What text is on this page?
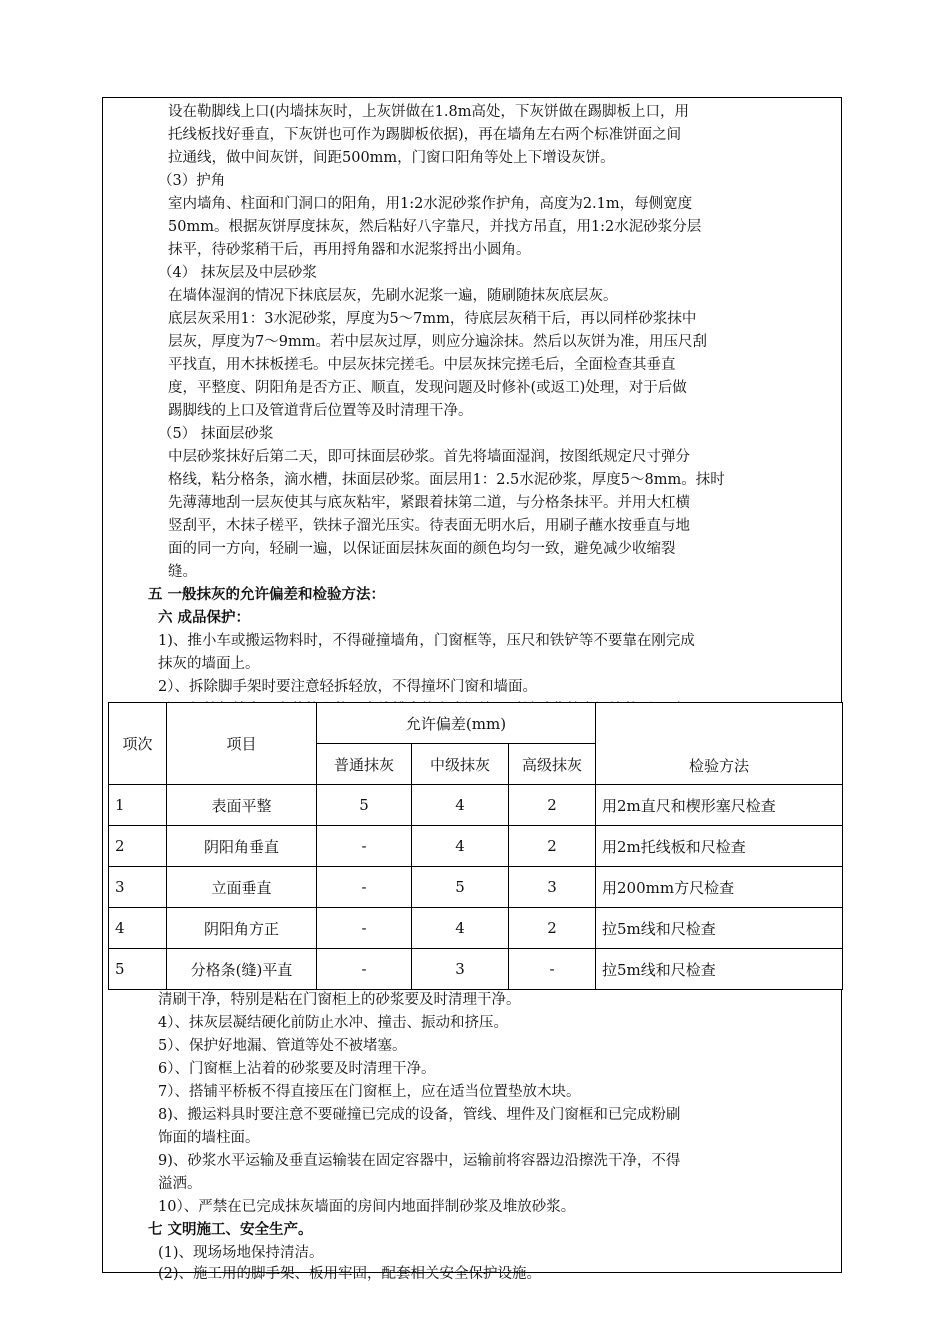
设在勒脚线上口(内墙抹灰时，上灰饼做在1.8m高处，下灰饼做在踢脚板上口，用
托线板找好垂直，下灰饼也可作为踢脚板依据)，再在墙角左右两个标准饼面之间
拉通线，做中间灰饼，间距500mm，门窗口阳角等处上下增设灰饼。
（3）护角
室内墙角、柱面和门洞口的阳角，用1:2水泥砂浆作护角，高度为2.1m，每侧宽度
50mm。根据灰饼厚度抹灰，然后粘好八字靠尺，并找方吊直，用1:2水泥砂浆分层
抹平，待砂浆稍干后，再用捋角器和水泥浆捋出小圆角。
（4） 抹灰层及中层砂浆
在墙体湿润的情况下抹底层灰，先刷水泥浆一遍，随刷随抹灰底层灰。
底层灰采用1：3水泥砂浆，厚度为5～7mm，待底层灰稍干后，再以同样砂浆抹中
层灰，厚度为7～9mm。若中层灰过厚，则应分遍涂抹。然后以灰饼为准，用压尺刮
平找直，用木抹板搓毛。中层灰抹完搓毛。中层灰抹完搓毛后，全面检查其垂直
度，平整度、阴阳角是否方正、顺直，发现问题及时修补(或返工)处理，对于后做
踢脚线的上口及管道背后位置等及时清理干净。
（5） 抹面层砂浆
中层砂浆抹好后第二天，即可抹面层砂浆。首先将墙面湿润，按图纸规定尺寸弹分
格线，粘分格条，滴水槽，抹面层砂浆。面层用1：2.5水泥砂浆，厚度5～8mm。抹时
先薄薄地刮一层灰使其与底灰粘牢，紧跟着抹第二道，与分格条抹平。并用大杠横
竖刮平，木抹子槎平，铁抹子溜光压实。待表面无明水后，用刷子蘸水按垂直与地
面的同一方向，轻刷一遍，以保证面层抹灰面的颜色均匀一致，避免减少收缩裂
缝。
五 一般抹灰的允许偏差和检验方法：
六 成品保护：
1)、推小车或搬运物料时，不得碰撞墙角，门窗框等，压尺和铁铲等不要靠在刚完成
抹灰的墙面上。
2）、拆除脚手架时要注意轻拆轻放，不得撞坏门窗和墙面。
项次	项目	允许偏差(mm)			检验方法
		普通抹灰	中级抹灰	高级抹灰	
1	表面平整	5	4	2	用2m直尺和楔形塞尺检查
2	阴阳角垂直	-	4	2	用2m托线板和尺检查
3	立面垂直	-	5	3	用200mm方尺检查
4	阴阳角方正	-	4	2	拉5m线和尺检查
5	分格条(缝)平直	-	3	-	拉5m线和尺检查
清刷干净，特别是粘在门窗柜上的砂浆要及时清理干净。
4）、抹灰层凝结硬化前防止水冲、撞击、振动和挤压。
5）、保护好地漏、管道等处不被堵塞。
6）、门窗框上沾着的砂浆要及时清理干净。
7）、搭铺平桥板不得直接压在门窗框上，应在适当位置垫放木块。
8)、搬运料具时要注意不要碰撞已完成的设备，管线、埋件及门窗框和已完成粉刷
饰面的墙柱面。
9)、砂浆水平运输及垂直运输装在固定容器中，运输前将容器边沿擦洗干净，不得
溢洒。
10）、严禁在已完成抹灰墙面的房间内地面拌制砂浆及堆放砂浆。
七 文明施工、安全生产。
(1)、现场场地保持清洁。
(2)、施工用的脚手架、板用牢固，配套相关安全保护设施。
